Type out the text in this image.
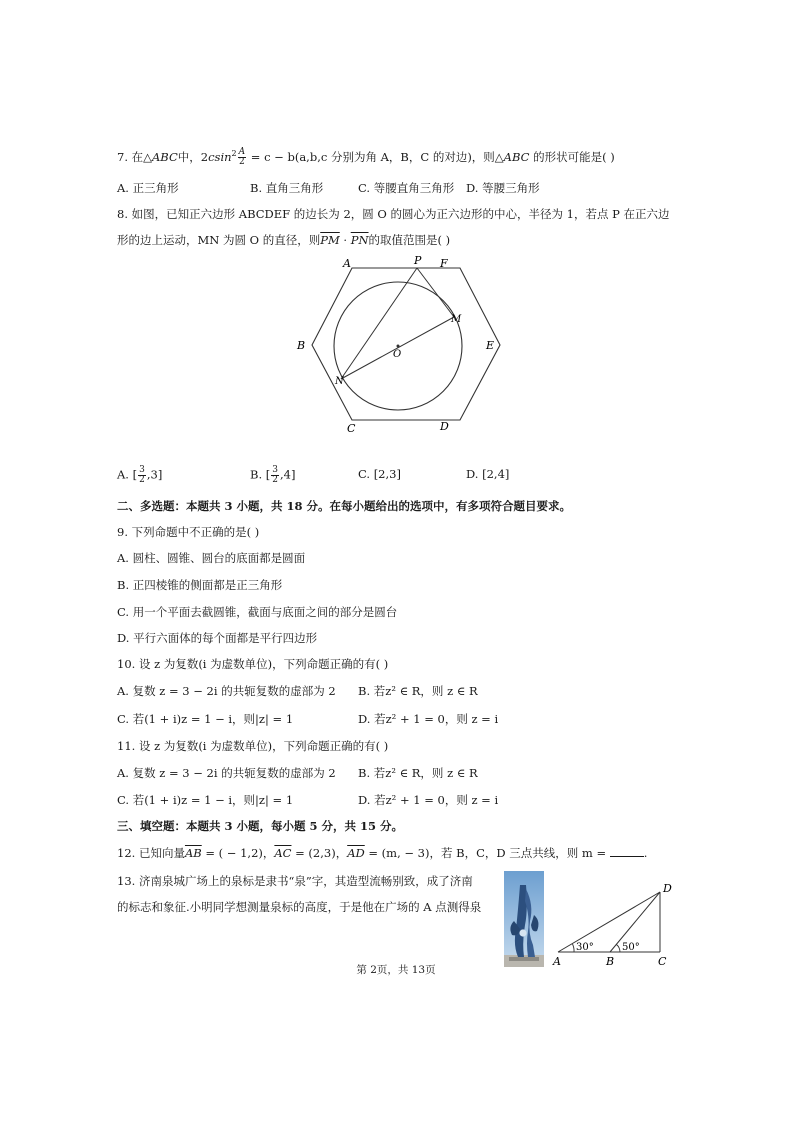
7. 在△ABC中，$2csin^2 \frac{A}{2} = c - b(a,b,c$ 分别为角 A，B，C 的对边)，则△ABC 的形状可能是( )
A. 正三角形	B. 直角三角形	C. 等腰直角三角形 D. 等腰三角形
8. 如图，已知正六边形 ABCDEF 的边长为 2，圆 O 的圆心为正六边形的中心，半径为 1，若点 P 在正六边
形的边上运动，MN 为圆 O 的直径，则$\overline{PM} \cdot \overline{PN}$的取值范围是( )
A	P F
M
B
O
E
N
C	D
A. [ $\frac{3}{2} ,3$]	B. [ $\frac{3}{2} ,4$]	C. [2,3]	D. [2,4]
二、多选题：本题共 3 小题，共 18 分。在每小题给出的选项中，有多项符合题目要求。
9. 下列命题中不正确的是( )
A. 圆柱、圆锥、圆台的底面都是圆面
B. 正四棱锥的侧面都是正三角形
C. 用一个平面去截圆锥，截面与底面之间的部分是圆台
D. 平行六面体的每个面都是平行四边形
10. 设 z 为复数(i 为虚数单位)，下列命题正确的有( )
A. 复数 z = 3 − 2i 的共轭复数的虚部为 2 B. 若z² ∈ R，则 z ∈ R
C. 若(1 + i)z = 1 − i，则|z| = 1	D. 若z² + 1 = 0，则 z = i
11. 设 z 为复数(i 为虚数单位)，下列命题正确的有( )
A. 复数 z = 3 − 2i 的共轭复数的虚部为 2 B. 若z² ∈ R，则 z ∈ R
C. 若(1 + i)z = 1 − i，则|z| = 1	D. 若z² + 1 = 0，则 z = i
三、填空题：本题共 3 小题，每小题 5 分，共 15 分。
12. 已知向量$\overline{AB}$ = ( − 1,2)，$\overline{AC} = (2,3)$，$\overline{AD} = (m$, − 3)，若 B，C，D 三点共线，则 m =	.
13. 济南泉城广场上的泉标是隶书“泉”字，其造型流畅别致，成了济南
的标志和象征.小明同学想测量泉标的高度，于是他在广场的 A 点测得泉
30°	50°
A	B	C
D
第 2页，共 13页
